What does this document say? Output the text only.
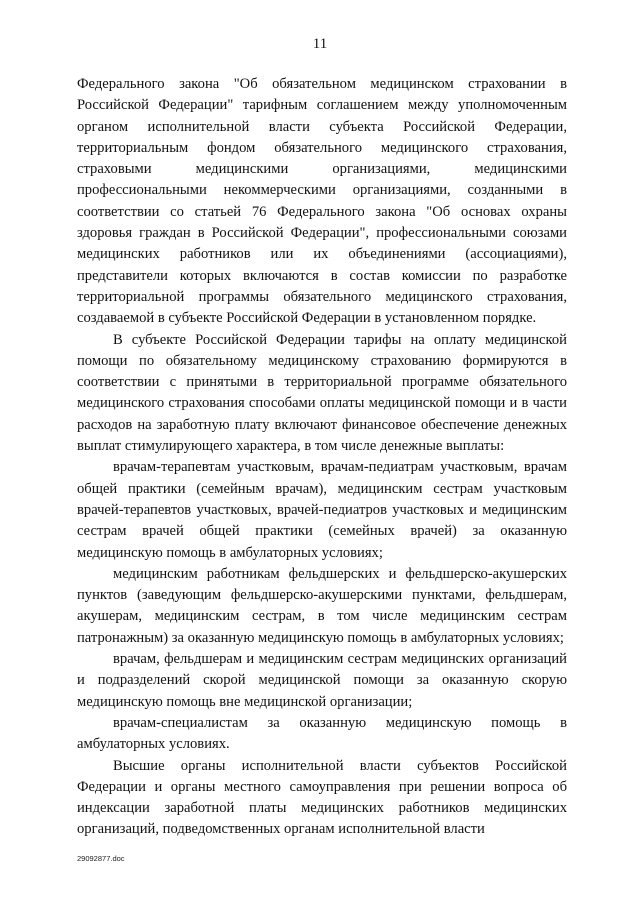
11

Федерального закона "Об обязательном медицинском страховании в Российской Федерации" тарифным соглашением между уполномоченным органом исполнительной власти субъекта Российской Федерации, территориальным фондом обязательного медицинского страхования, страховыми медицинскими организациями, медицинскими профессиональными некоммерческими организациями, созданными в соответствии со статьей 76 Федерального закона "Об основах охраны здоровья граждан в Российской Федерации", профессиональными союзами медицинских работников или их объединениями (ассоциациями), представители которых включаются в состав комиссии по разработке территориальной программы обязательного медицинского страхования, создаваемой в субъекте Российской Федерации в установленном порядке.

В субъекте Российской Федерации тарифы на оплату медицинской помощи по обязательному медицинскому страхованию формируются в соответствии с принятыми в территориальной программе обязательного медицинского страхования способами оплаты медицинской помощи и в части расходов на заработную плату включают финансовое обеспечение денежных выплат стимулирующего характера, в том числе денежные выплаты:

врачам-терапевтам участковым, врачам-педиатрам участковым, врачам общей практики (семейным врачам), медицинским сестрам участковым врачей-терапевтов участковых, врачей-педиатров участковых и медицинским сестрам врачей общей практики (семейных врачей) за оказанную медицинскую помощь в амбулаторных условиях;

медицинским работникам фельдшерских и фельдшерско-акушерских пунктов (заведующим фельдшерско-акушерскими пунктами, фельдшерам, акушерам, медицинским сестрам, в том числе медицинским сестрам патронажным) за оказанную медицинскую помощь в амбулаторных условиях;

врачам, фельдшерам и медицинским сестрам медицинских организаций и подразделений скорой медицинской помощи за оказанную скорую медицинскую помощь вне медицинской организации;

врачам-специалистам за оказанную медицинскую помощь в амбулаторных условиях.

Высшие органы исполнительной власти субъектов Российской Федерации и органы местного самоуправления при решении вопроса об индексации заработной платы медицинских работников медицинских организаций, подведомственных органам исполнительной власти

29092877.doc
